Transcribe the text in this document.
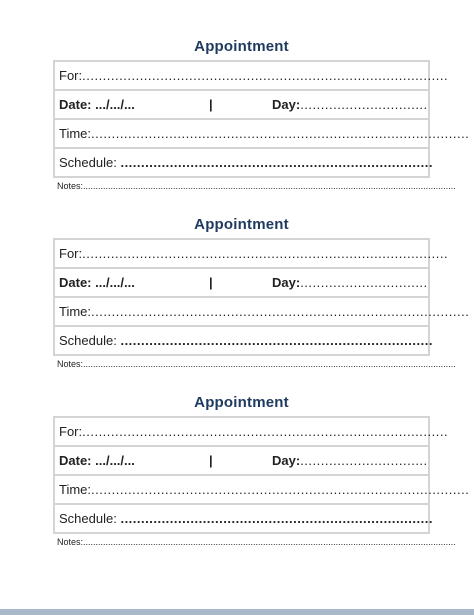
Appointment
For:.........................................................................................
Date: .../.../...	|	Day:...............................
Time:............................................................................................
Schedule: ............................................................................
Notes:.....................................................................................................................................................
Appointment
For:.........................................................................................
Date: .../.../...	|	Day:...............................
Time:............................................................................................
Schedule: ............................................................................
Notes:.....................................................................................................................................................
Appointment
For:.........................................................................................
Date: .../.../...	|	Day:...............................
Time:............................................................................................
Schedule: ............................................................................
Notes:.....................................................................................................................................................
